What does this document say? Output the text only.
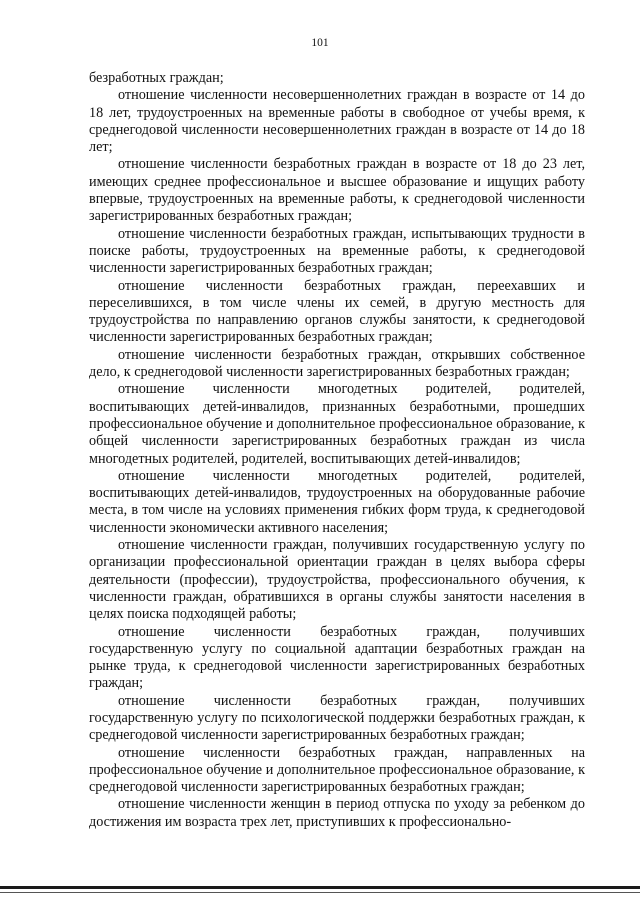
101

безработных граждан;

отношение численности несовершеннолетних граждан в возрасте от 14 до 18 лет, трудоустроенных на временные работы в свободное от учебы время, к среднегодовой численности несовершеннолетних граждан в возрасте от 14 до 18 лет;

отношение численности безработных граждан в возрасте от 18 до 23 лет, имеющих среднее профессиональное и высшее образование и ищущих работу впервые, трудоустроенных на временные работы, к среднегодовой численности зарегистрированных безработных граждан;

отношение численности безработных граждан, испытывающих трудности в поиске работы, трудоустроенных на временные работы, к среднегодовой численности зарегистрированных безработных граждан;

отношение численности безработных граждан, переехавших и переселившихся, в том числе члены их семей, в другую местность для трудоустройства по направлению органов службы занятости, к среднегодовой численности зарегистрированных безработных граждан;

отношение численности безработных граждан, открывших собственное дело, к среднегодовой численности зарегистрированных безработных граждан;

отношение численности многодетных родителей, родителей, воспитывающих детей-инвалидов, признанных безработными, прошедших профессиональное обучение и дополнительное профессиональное образование, к общей численности зарегистрированных безработных граждан из числа многодетных родителей, родителей, воспитывающих детей-инвалидов;

отношение численности многодетных родителей, родителей, воспитывающих детей-инвалидов, трудоустроенных на оборудованные рабочие места, в том числе на условиях применения гибких форм труда, к среднегодовой численности экономически активного населения;

отношение численности граждан, получивших государственную услугу по организации профессиональной ориентации граждан в целях выбора сферы деятельности (профессии), трудоустройства, профессионального обучения, к численности граждан, обратившихся в органы службы занятости населения в целях поиска подходящей работы;

отношение численности безработных граждан, получивших государственную услугу по социальной адаптации безработных граждан на рынке труда, к среднегодовой численности зарегистрированных безработных граждан;

отношение численности безработных граждан, получивших государственную услугу по психологической поддержки безработных граждан, к среднегодовой численности зарегистрированных безработных граждан;

отношение численности безработных граждан, направленных на профессиональное обучение и дополнительное профессиональное образование, к среднегодовой численности зарегистрированных безработных граждан;

отношение численности женщин в период отпуска по уходу за ребенком до достижения им возраста трех лет, приступивших к профессионально-
